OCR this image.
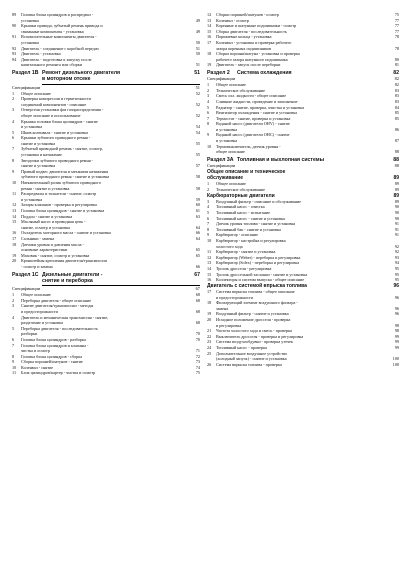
89 Головка блока цилиндров и распредвал -
установка	49
90 Крышки привода, зубчатый ремень привода и
связанные компоненты - установка	49
91 Вспомогательные компоненты двигателя -
установка	50
92 Двигатель - соединение с коробкой передач	51
93 Двигатель - установка	50
94 Двигатель - подготовка к запуску после
капитального ремонта или сборки	51
Раздел 1В Ремонт дизельного двигателя	51
в моторном отсеке
Спецификации	51
1 Общее описание	52
2 Проверка компрессии и герметичности
соединений компонентов - описание	52
3 Отверстия установки фаз газораспределения -
общее описание и использование	52
4 Крышка головки блока цилиндров - снятие
и установка	54
5 Шкив коленвала - снятие и установка	54
6 Крышки зубчатого приводного ремня -
снятие и установка	55
7 Зубчатый приводной ремень - снятие, осмотр,
установка и натяжение	55
8 Звездочки зубчатого приводного ремня -
снятие и установка	57
9 Правый подвес двигателя и механизм натяжения
зубчатого приводного ремня - снятие и установка	58
10 Натяжительный ролик зубчатого приводного
ремня - снятие и установка	58
11 Распредвалы и толкатели - снятие, осмотр
и установка	59
12 Зазоры клапанов - проверка и регулировка	60
13 Головка блока цилиндров - снятие и установка	61
14 Поддон - снятие и установка	63
15 Масляный насос и приводная цепь -
снятие, осмотр и установка	64
16 Охладитель моторного масла - снятие и установка	66
17 Сальники - замена	64
18 Датчики уровня и давления масла -
основные характеристики	65
19 Маховик - снятие, осмотр и установка	65
20 Кронштейны крепления двигателя/трансмиссии
- осмотр и замена	66
Раздел 1С Дизельные двигатели -	67
снятие и переборка
Спецификации	67
1 Общее описание	68
2 Переборка двигателя - общее описание	68
3 Снятие двигателя/трансмиссии - методы
и предосторожности	68
4 Двигатель и механическая трансмиссия - снятие,
разделение и установка	68
5 Переборка двигателя - последовательность
разборки	70
6 Головка блока цилиндров - разборка	70
7 Головка блока цилиндров и клапаны -
чистка и осмотр	71
8 Головка блока цилиндров - сборка	72
9 Сборка поршней/шатунов - снятие	73
10 Коленвал - снятие	74
11 Блок цилиндров/картер - чистка и осмотр	75
12 Сборки поршней/шатунов - осмотр	75
13 Коленвал - осмотр	77
14 Коренные и шатунные подшипники - осмотр	77
15 Сборка двигателя - последовательность	77
16 Поршневые кольца - установка	78
17 Коленвал - установка и проверка рабочего
зазора коренных подшипников	78
18 Сборка поршня/шатуна - установка и проверка
рабочего зазора шатунного подшипника	80
19 Двигатель - запуск после переборки	81
Раздел 2 Система охлаждения	82
Спецификации	82
1 Общее описание	82
2 Техническое обслуживание	83
3 Смесь охл. жидкости - общее описание	83
4 Сливные жидкости, проведение и заполнение	83
5 Радиатор - снятие, проверка, очистка и установка	84
6 Вентилятор охлаждения - снятие и установка	85
7 Термостат - снятие, проверка и установка	85
8 Водяной насос (двигатели OHV) - снятие
и установка	86
9 Водяной насос (двигатели OHC) - снятие
и установка	87
10 Термовыключатель, датчик уровня -
общее описание	88
Раздел 3А Топливная и выхлопная системы	88
Спецификации	88
Общее описание и техническое
обслуживание	89
1 Общее описание	89
2 Техническое обслуживание	89
Карбюраторные двигатели	89
3 Воздушный фильтр - описание и обслуживание	89
4 Топливный насос - очистка	90
5 Топливный насос - испытание	90
6 Топливный насос - снятие и установка	90
7 Датчик уровня топлива - снятие и установка	91
8 Топливный бак - снятие и установка	91
9 Карбюратор - описание	91
10 Карбюратор - настройка и регулировка
холостого хода	92
11 Карбюратор - снятие и установка	92
12 Карбюратор (Weber) - переборка и регулировка	93
13 Карбюратор (Solex) - переборка и регулировка	94
14 Тросик дросселя - регулировка	95
15 Тросик дроссельной заслонки - снятие и установка	95
16 Коллекторы и система выпуска - общее описание	95
Двигатель с системой впрыска топлива	96
17 Система впрыска топлива - общее описание
и предосторожности	96
18 Фильтрующий элемент воздушного фильтра -
замена	96
19 Воздушный фильтр - снятие и установка	96
20 Исходное положение дросселя - проверка
и регулировка	98
21 Частота холостого хода и смесь - проверка	98
22 Выключатель дросселя - проверка и регулировка	99
23 Система воздухообдувки - проверка утечек	99
24 Топливный насос - проверка	99
25 Дополнительное воздушное устройство
(холодный запуск) - снятие и установка	100
26 Система впрыска топлива - проверка	100
